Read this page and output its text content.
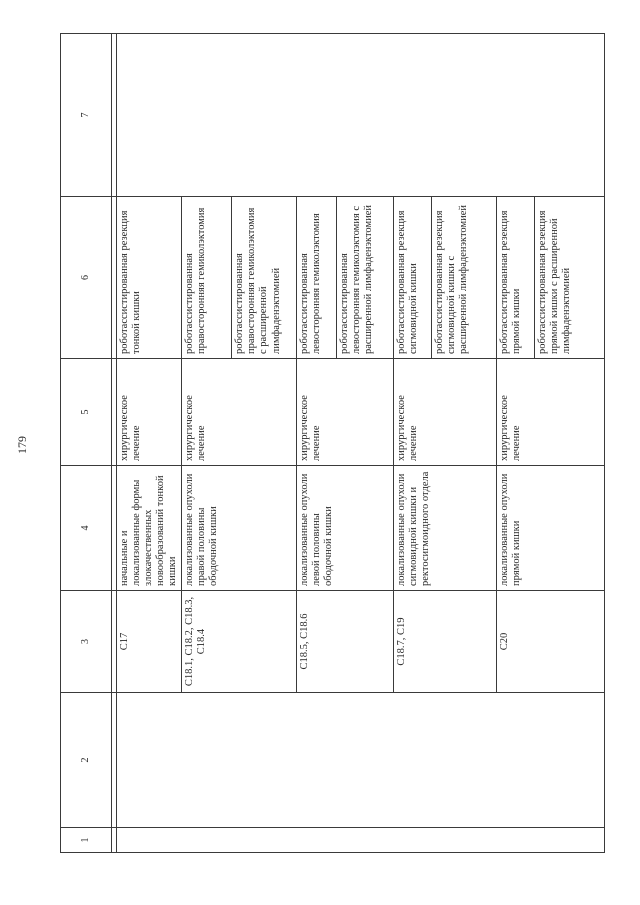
179
1	2	3	4	5	6	7

		C17	начальные и локализованные формы злокачественных новообразований тонкой кишки	хирургическое лечение	роботассистированная резекция тонкой кишки	
		C18.1, C18.2, C18.3, C18.4	локализованные опухоли правой половины ободочной кишки	хирургическое лечение	роботассистированная правосторонняя гемиколэктомия	
					роботассистированная правосторонняя гемиколэктомия с расширенной лимфаденэктомией	
		C18.5, C18.6	локализованные опухоли левой половины ободочной кишки	хирургическое лечение	роботассистированная левосторонняя гемиколэктомия	
					роботассистированная левосторонняя гемиколэктомия с расширенной лимфаденэктомией	
		C18.7, C19	локализованные опухоли сигмовидной кишки и ректосигмоидного отдела	хирургическое лечение	роботассистированная резекция сигмовидной кишки	
					роботассистированная резекция сигмовидной кишки с расширенной лимфаденэктомией	
		C20	локализованные опухоли прямой кишки	хирургическое лечение	роботассистированная резекция прямой кишки	
					роботассистированная резекция прямой кишки с расширенной лимфаденэктомией	
